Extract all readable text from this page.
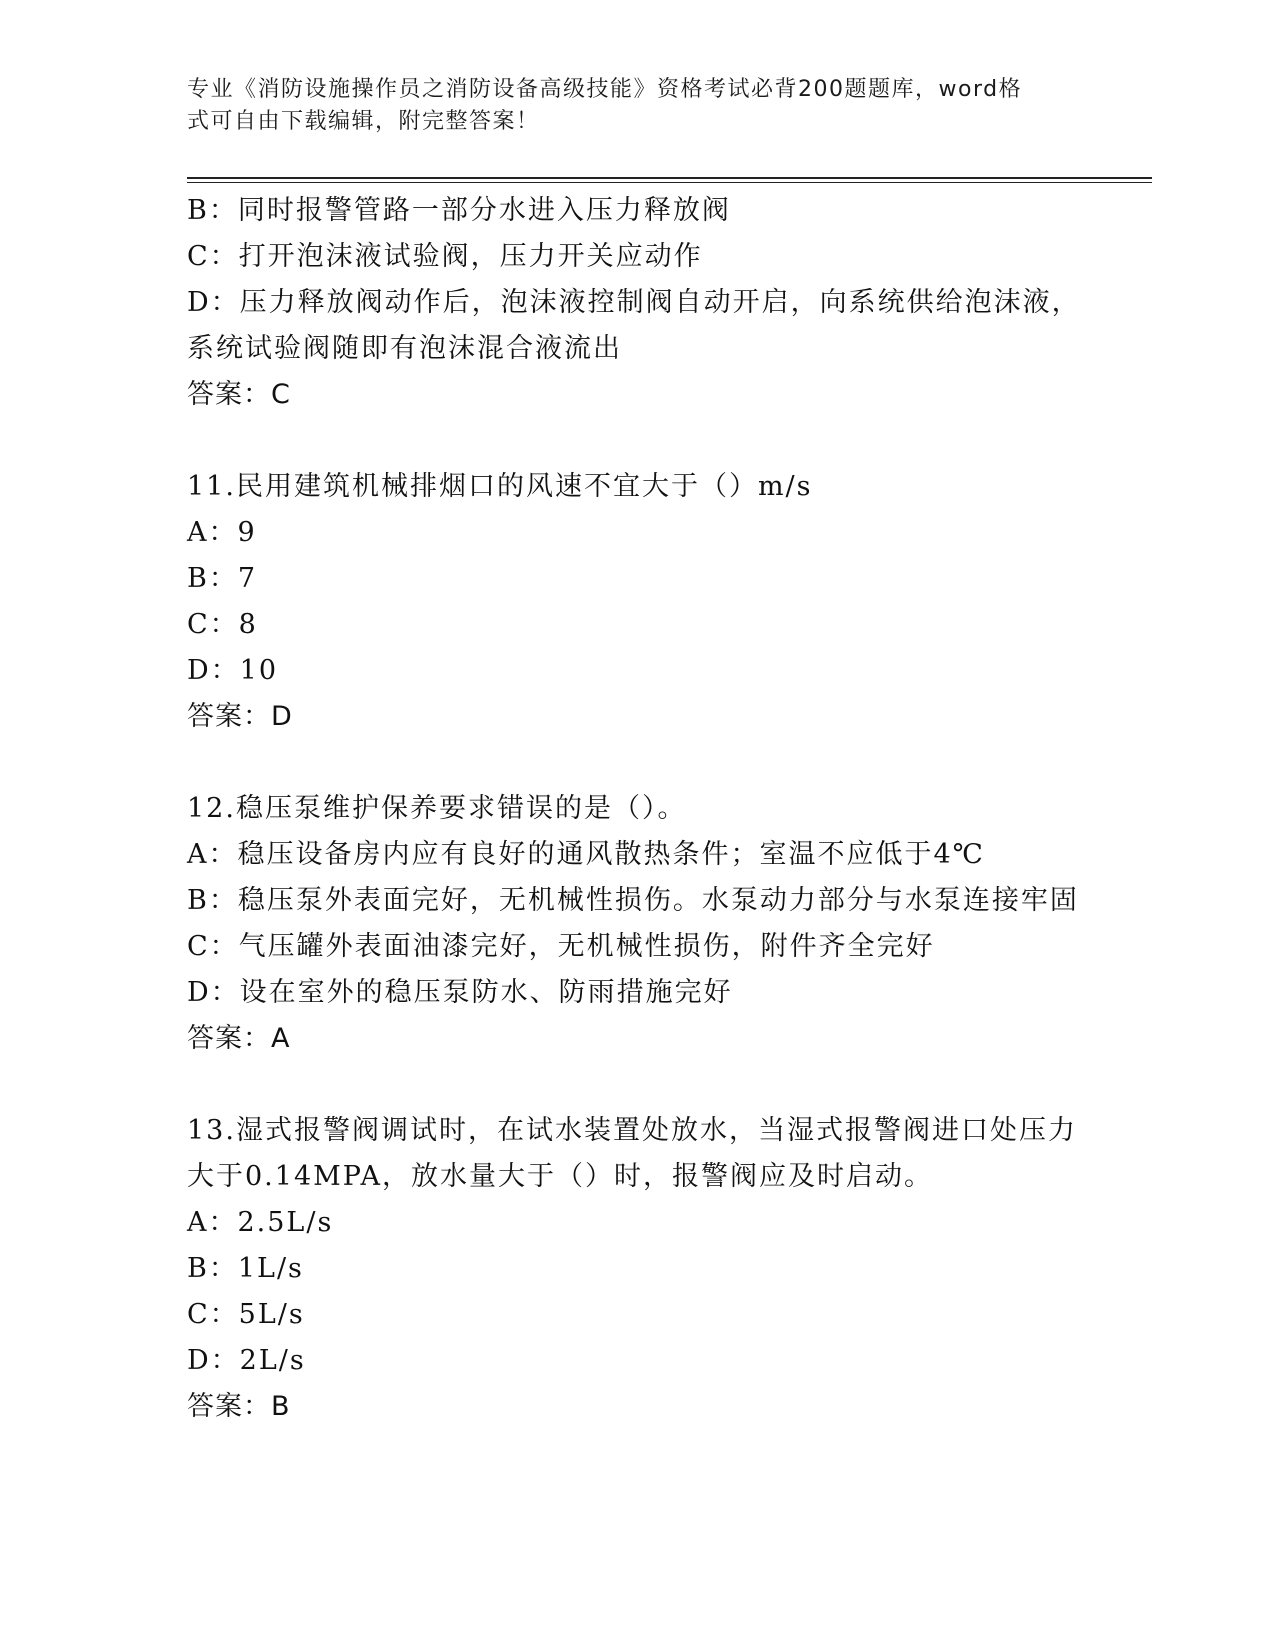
专业《消防设施操作员之消防设备高级技能》资格考试必背200题题库，word格
式可自由下载编辑，附完整答案！
B：同时报警管路一部分水进入压力释放阀
C：打开泡沫液试验阀，压力开关应动作
D：压力释放阀动作后，泡沫液控制阀自动开启，向系统供给泡沫液，
系统试验阀随即有泡沫混合液流出
答案：C
11.民用建筑机械排烟口的风速不宜大于（）m/s
A：9
B：7
C：8
D：10
答案：D
12.稳压泵维护保养要求错误的是（）。
A：稳压设备房内应有良好的通风散热条件；室温不应低于4℃
B：稳压泵外表面完好，无机械性损伤。水泵动力部分与水泵连接牢固
C：气压罐外表面油漆完好，无机械性损伤，附件齐全完好
D：设在室外的稳压泵防水、防雨措施完好
答案：A
13.湿式报警阀调试时，在试水装置处放水，当湿式报警阀进口处压力
大于0.14MPA，放水量大于（）时，报警阀应及时启动。
A：2.5L/s
B：1L/s
C：5L/s
D：2L/s
答案：B
